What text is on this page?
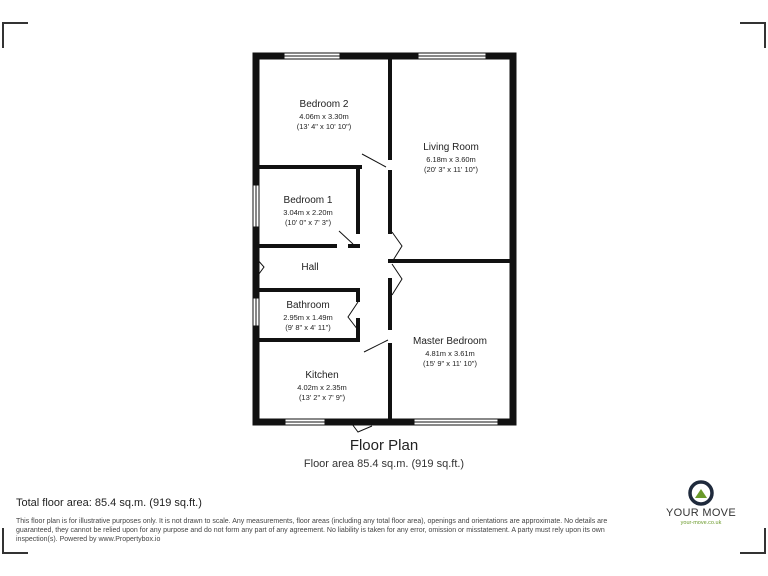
Bedroom 2
4.06m x 3.30m
(13' 4" x 10' 10")
Living Room
6.18m x 3.60m
(20' 3" x 11' 10")
Bedroom 1
3.04m x 2.20m
(10' 0" x 7' 3")
Hall
Bathroom
2.95m x 1.49m
(9' 8" x 4' 11")
Master Bedroom
4.81m x 3.61m
(15' 9" x 11' 10")
Kitchen
4.02m x 2.35m
(13' 2" x 7' 9")
Floor Plan
Floor area 85.4 sq.m. (919 sq.ft.)
Total floor area: 85.4 sq.m. (919 sq.ft.)
This floor plan is for illustrative purposes only. It is not drawn to scale. Any measurements, floor areas (including any total floor area), openings and orientations are approximate. No details are guaranteed, they cannot be relied upon for any purpose and do not form any part of any agreement. No liability is taken for any error, omission or misstatement. A party must rely upon its own inspection(s). Powered by www.Propertybox.io
YOUR MOVE
your-move.co.uk
